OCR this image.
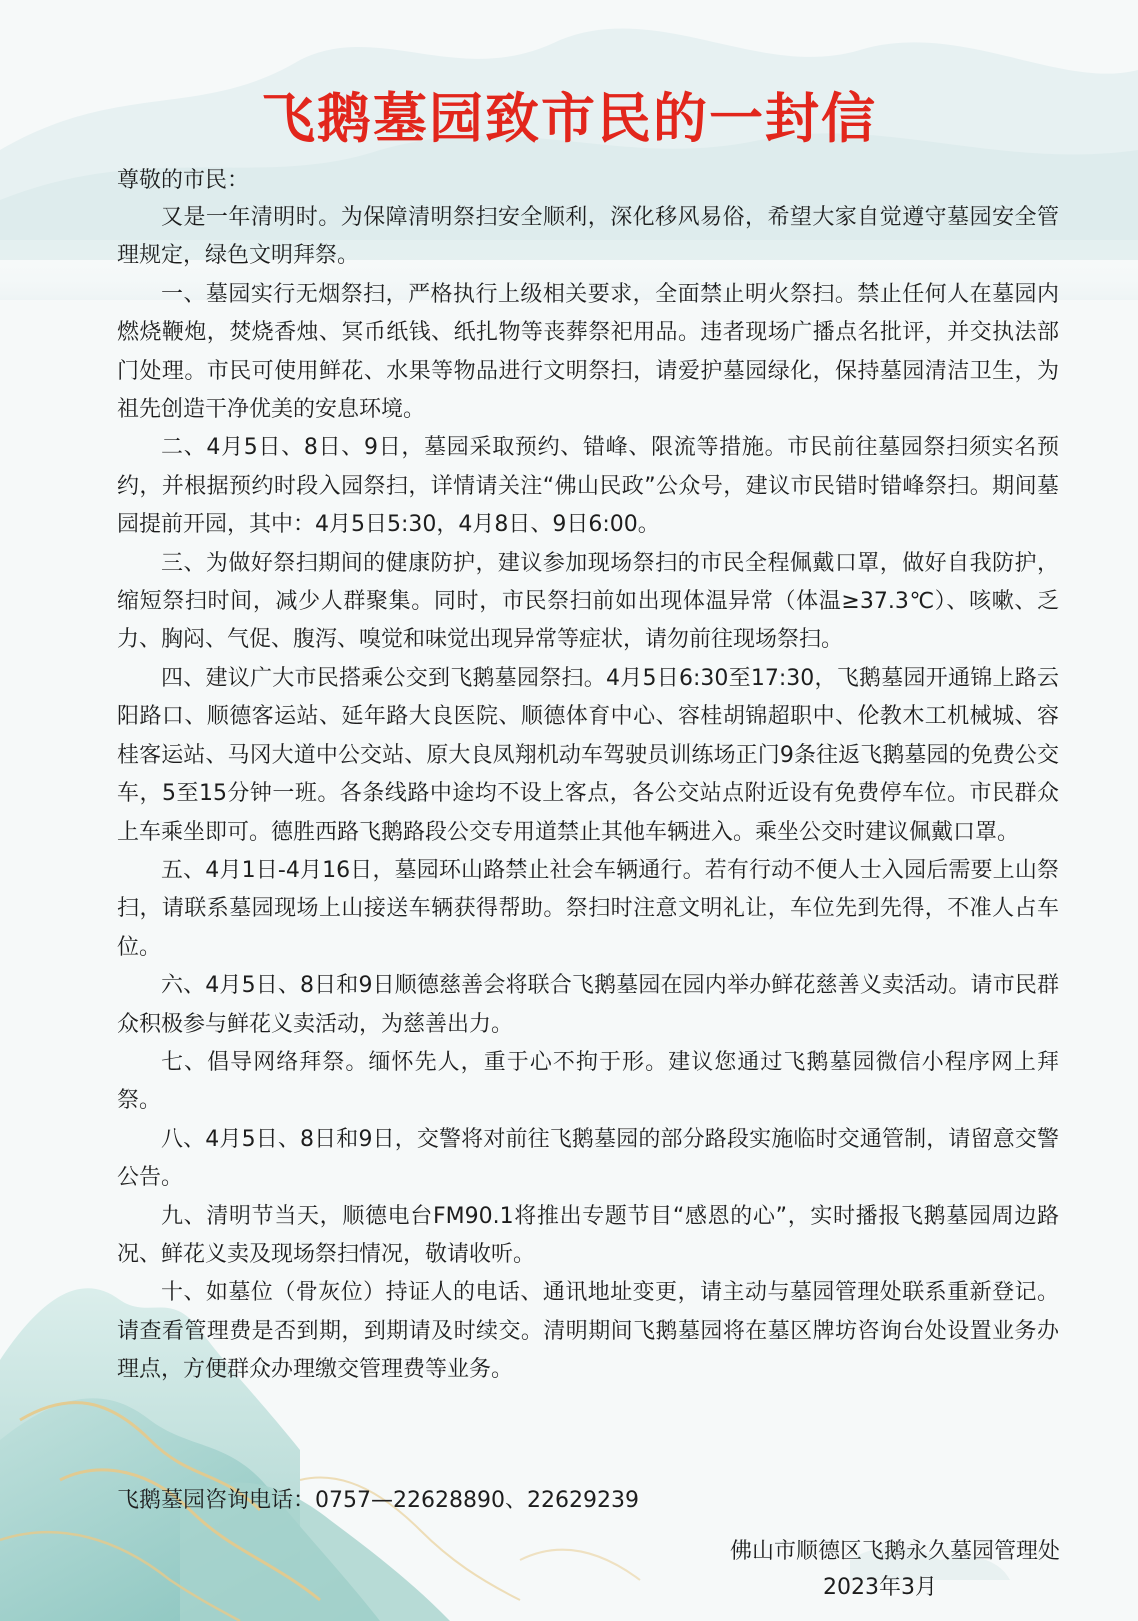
飞鹅墓园致市民的一封信

尊敬的市民：

又是一年清明时。为保障清明祭扫安全顺利，深化移风易俗，希望大家自觉遵守墓园安全管理规定，绿色文明拜祭。

一、墓园实行无烟祭扫，严格执行上级相关要求，全面禁止明火祭扫。禁止任何人在墓园内燃烧鞭炮，焚烧香烛、冥币纸钱、纸扎物等丧葬祭祀用品。违者现场广播点名批评，并交执法部门处理。市民可使用鲜花、水果等物品进行文明祭扫，请爱护墓园绿化，保持墓园清洁卫生，为祖先创造干净优美的安息环境。

二、4月5日、8日、9日，墓园采取预约、错峰、限流等措施。市民前往墓园祭扫须实名预约，并根据预约时段入园祭扫，详情请关注“佛山民政”公众号，建议市民错时错峰祭扫。期间墓园提前开园，其中：4月5日5:30，4月8日、9日6:00。

三、为做好祭扫期间的健康防护，建议参加现场祭扫的市民全程佩戴口罩，做好自我防护，缩短祭扫时间，减少人群聚集。同时，市民祭扫前如出现体温异常（体温≥37.3℃）、咳嗽、乏力、胸闷、气促、腹泻、嗅觉和味觉出现异常等症状，请勿前往现场祭扫。

四、建议广大市民搭乘公交到飞鹅墓园祭扫。4月5日6:30至17:30，飞鹅墓园开通锦上路云阳路口、顺德客运站、延年路大良医院、顺德体育中心、容桂胡锦超职中、伦教木工机械城、容桂客运站、马冈大道中公交站、原大良凤翔机动车驾驶员训练场正门9条往返飞鹅墓园的免费公交车，5至15分钟一班。各条线路中途均不设上客点，各公交站点附近设有免费停车位。市民群众上车乘坐即可。德胜西路飞鹅路段公交专用道禁止其他车辆进入。乘坐公交时建议佩戴口罩。

五、4月1日-4月16日，墓园环山路禁止社会车辆通行。若有行动不便人士入园后需要上山祭扫，请联系墓园现场上山接送车辆获得帮助。祭扫时注意文明礼让，车位先到先得，不准人占车位。

六、4月5日、8日和9日顺德慈善会将联合飞鹅墓园在园内举办鲜花慈善义卖活动。请市民群众积极参与鲜花义卖活动，为慈善出力。

七、倡导网络拜祭。缅怀先人，重于心不拘于形。建议您通过飞鹅墓园微信小程序网上拜祭。

八、4月5日、8日和9日，交警将对前往飞鹅墓园的部分路段实施临时交通管制，请留意交警公告。

九、清明节当天，顺德电台FM90.1将推出专题节目“感恩的心”，实时播报飞鹅墓园周边路况、鲜花义卖及现场祭扫情况，敬请收听。

十、如墓位（骨灰位）持证人的电话、通讯地址变更，请主动与墓园管理处联系重新登记。请查看管理费是否到期，到期请及时续交。清明期间飞鹅墓园将在墓区牌坊咨询台处设置业务办理点，方便群众办理缴交管理费等业务。

飞鹅墓园咨询电话：0757—22628890、22629239

佛山市顺德区飞鹅永久墓园管理处
2023年3月
